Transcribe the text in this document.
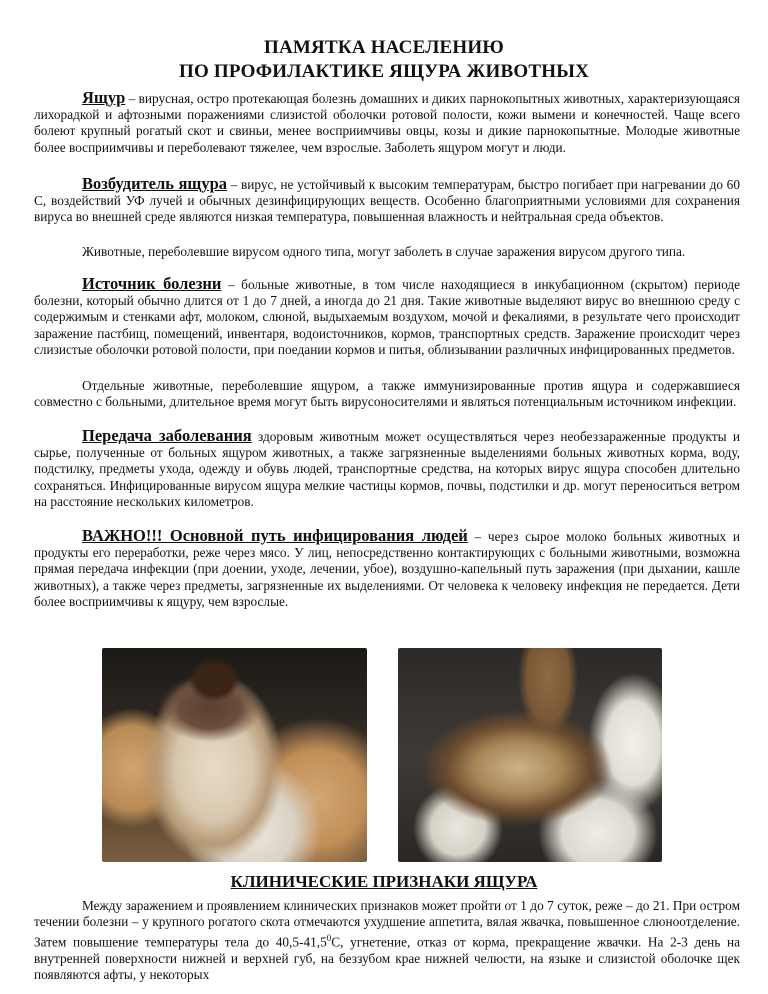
ПАМЯТКА НАСЕЛЕНИЮ
ПО ПРОФИЛАКТИКЕ ЯЩУРА ЖИВОТНЫХ

Ящур – вирусная, остро протекающая болезнь домашних и диких парнокопытных животных, характеризующаяся лихорадкой и афтозными поражениями слизистой оболочки ротовой полости, кожи вымени и конечностей. Чаще всего болеют крупный рогатый скот и свиньи, менее восприимчивы овцы, козы и дикие парнокопытные. Молодые животные более восприимчивы и переболевают тяжелее, чем взрослые. Заболеть ящуром могут и люди.

Возбудитель ящура – вирус, не устойчивый к высоким температурам, быстро погибает при нагревании до 60 С, воздействий УФ лучей и обычных дезинфицирующих веществ. Особенно благоприятными условиями для сохранения вируса во внешней среде являются низкая температура, повышенная влажность и нейтральная среда объектов.

Животные, переболевшие вирусом одного типа, могут заболеть в случае заражения вирусом другого типа.

Источник болезни – больные животные, в том числе находящиеся в инкубационном (скрытом) периоде болезни, который обычно длится от 1 до 7 дней, а иногда до 21 дня. Такие животные выделяют вирус во внешнюю среду с содержимым и стенками афт, молоком, слюной, выдыхаемым воздухом, мочой и фекалиями, в результате чего происходит заражение пастбищ, помещений, инвентаря, водоисточников, кормов, транспортных средств. Заражение происходит через слизистые оболочки ротовой полости, при поедании кормов и питья, облизывании различных инфицированных предметов.

Отдельные животные, переболевшие ящуром, а также иммунизированные против ящура и содержавшиеся совместно с больными, длительное время могут быть вирусоносителями и являться потенциальным источником инфекции.

Передача заболевания здоровым животным может осуществляться через необеззараженные продукты и сырье, полученные от больных ящуром животных, а также загрязненные выделениями больных животных корма, воду, подстилку, предметы ухода, одежду и обувь людей, транспортные средства, на которых вирус ящура способен длительно сохраняться. Инфицированные вирусом ящура мелкие частицы кормов, почвы, подстилки и др. могут переноситься ветром на расстояние нескольких километров.

ВАЖНО!!! Основной путь инфицирования людей – через сырое молоко больных животных и продукты его переработки, реже через мясо. У лиц, непосредственно контактирующих с больными животными, возможна прямая передача инфекции (при доении, уходе, лечении, убое), воздушно-капельный путь заражения (при дыхании, кашле животных), а также через предметы, загрязненные их выделениями. От человека к человеку инфекция не передается. Дети более восприимчивы к ящуру, чем взрослые.

КЛИНИЧЕСКИЕ ПРИЗНАКИ ЯЩУРА

Между заражением и проявлением клинических признаков может пройти от 1 до 7 суток, реже – до 21. При остром течении болезни – у крупного рогатого скота отмечаются ухудшение аппетита, вялая жвачка, повышенное слюноотделение. Затем повышение температуры тела до 40,5-41,5$^0$С, угнетение, отказ от корма, прекращение жвачки. На 2-3 день на внутренней поверхности нижней и верхней губ, на беззубом крае нижней челюсти, на языке и слизистой оболочке щек появляются афты, у некоторых
